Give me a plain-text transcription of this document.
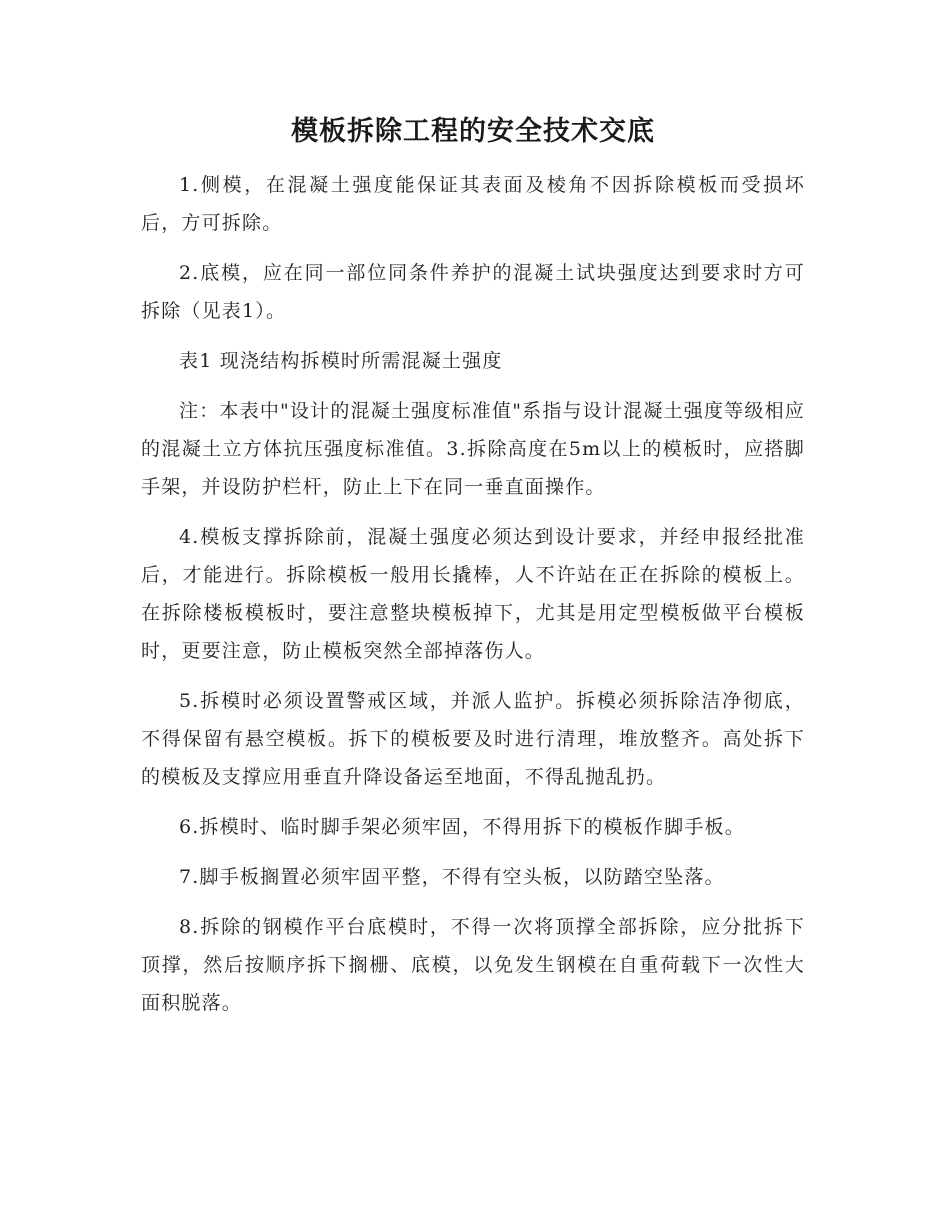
模板拆除工程的安全技术交底

1.侧模，在混凝土强度能保证其表面及棱角不因拆除模板而受损坏后，方可拆除。

2.底模，应在同一部位同条件养护的混凝土试块强度达到要求时方可拆除（见表1）。

表1 现浇结构拆模时所需混凝土强度

注：本表中"设计的混凝土强度标准值"系指与设计混凝土强度等级相应的混凝土立方体抗压强度标准值。3.拆除高度在5m以上的模板时，应搭脚手架，并设防护栏杆，防止上下在同一垂直面操作。

4.模板支撑拆除前，混凝土强度必须达到设计要求，并经申报经批准后，才能进行。拆除模板一般用长撬棒，人不许站在正在拆除的模板上。在拆除楼板模板时，要注意整块模板掉下，尤其是用定型模板做平台模板时，更要注意，防止模板突然全部掉落伤人。

5.拆模时必须设置警戒区域，并派人监护。拆模必须拆除洁净彻底，不得保留有悬空模板。拆下的模板要及时进行清理，堆放整齐。高处拆下的模板及支撑应用垂直升降设备运至地面，不得乱抛乱扔。

6.拆模时、临时脚手架必须牢固，不得用拆下的模板作脚手板。

7.脚手板搁置必须牢固平整，不得有空头板，以防踏空坠落。

8.拆除的钢模作平台底模时，不得一次将顶撑全部拆除，应分批拆下顶撑，然后按顺序拆下搁栅、底模，以免发生钢模在自重荷载下一次性大面积脱落。
